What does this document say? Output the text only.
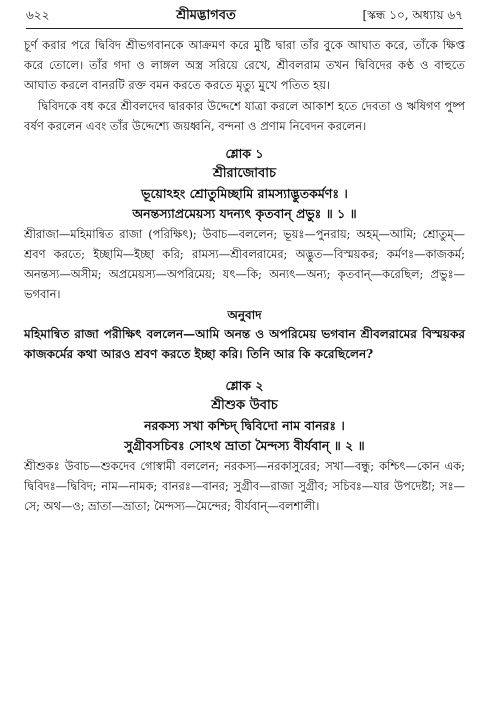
৬২২	শ্রীমদ্ভাগবত	[স্কন্ধ ১০, অধ্যায় ৬৭

চূর্ণ করার পরে দ্বিবিদ শ্রীভগবানকে আক্রমণ করে মুষ্টি দ্বারা তাঁর বুকে আঘাত করে, তাঁকে ক্ষিপ্ত করে তোলে। তাঁর গদা ও লাঙ্গল অস্ত্র সরিয়ে রেখে, শ্রীবলরাম তখন দ্বিবিদের কণ্ঠ ও বাহুতে আঘাত করলে বানরটি রক্ত বমন করতে করতে মৃত্যু মুখে পতিত হয়।

দ্বিবিদকে বধ করে শ্রীবলদেব দ্বারকার উদ্দেশে যাত্রা করলে আকাশ হতে দেবতা ও ঋষিগণ পুষ্প বর্ষণ করলেন এবং তাঁর উদ্দেশ্যে জয়ধ্বনি, বন্দনা ও প্রণাম নিবেদন করলেন।

শ্লোক ১
শ্রীরাজোবাচ
ভূয়োঽহং শ্রোতুমিচ্ছামি রামস্যাদ্ভুতকর্মণঃ ।
অনন্তস্যাপ্রমেয়স্য যদন্যৎ কৃতবান্ প্রভুঃ ॥ ১ ॥

শ্রীরাজা—মহিমান্বিত রাজা (পরিক্ষিৎ); উবাচ—বললেন; ভূয়ঃ—পুনরায়; অহম্—আমি; শ্রোতুম্—শ্রবণ করতে; ইচ্ছামি—ইচ্ছা করি; রামস্য—শ্রীবলরামের; অদ্ভুত—বিস্ময়কর; কর্মণঃ—কাজকর্ম; অনন্তস্য—অসীম; অপ্রমেয়স্য—অপরিমেয়; যৎ—কি; অন্যৎ—অন্য; কৃতবান্—করেছিল; প্রভুঃ—ভগবান।

অনুবাদ

মহিমান্বিত রাজা পরীক্ষিৎ বললেন—আমি অনন্ত ও অপরিমেয় ভগবান শ্রীবলরামের বিস্ময়কর কাজকর্মের কথা আরও শ্রবণ করতে ইচ্ছা করি। তিনি আর কি করেছিলেন?

শ্লোক ২
শ্রীশুক উবাচ
নরকস্য সখা কশ্চিদ্ দ্বিবিদো নাম বানরঃ ।
সুগ্রীবসচিবঃ সোঽথ ভ্রাতা মৈন্দস্য বীর্যবান্ ॥ ২ ॥

শ্রীশুকঃ উবাচ—শুকদেব গোস্বামী বললেন; নরকস্য—নরকাসুরের; সখা—বন্ধু; কশ্চিৎ—কোন এক; দ্বিবিদঃ—দ্বিবিদ; নাম—নামক; বানরঃ—বানর; সুগ্রীব—রাজা সুগ্রীব; সচিবঃ—যার উপদেষ্টা; সঃ—সে; অথ—ও; ভ্রাতা—ভ্রাতা; মৈন্দস্য—মৈন্দের; বীর্যবান্—বলশালী।
